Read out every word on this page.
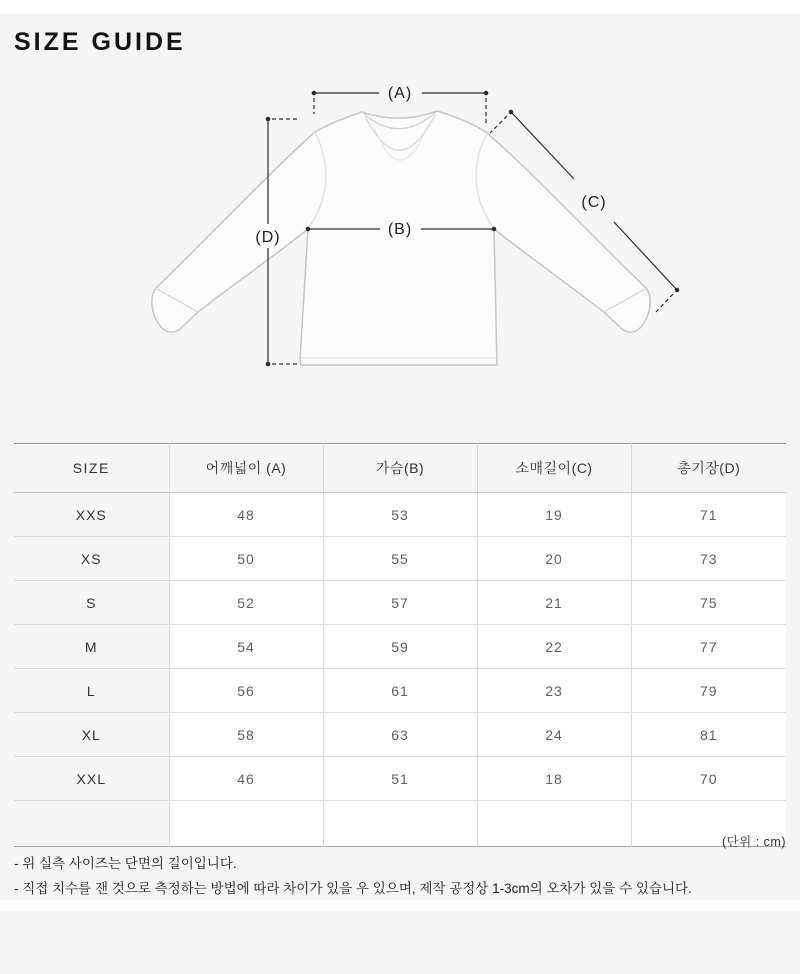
SIZE GUIDE
(A)
(B)
(C)
(D)
SIZE	어깨넓이 (A)	가슴(B)	소매길이(C)	총기장(D)
XXS	48	53	19	71
XS	50	55	20	73
S	52	57	21	75
M	54	59	22	77
L	56	61	23	79
XL	58	63	24	81
XXL	46	51	18	70

(단위 : cm)
- 위 실측 사이즈는 단면의 길이입니다.
- 직접 치수를 잰 것으로 측정하는 방법에 따라 차이가 있을 우 있으며, 제작 공정상 1-3cm의 오차가 있을 수 있습니다.
